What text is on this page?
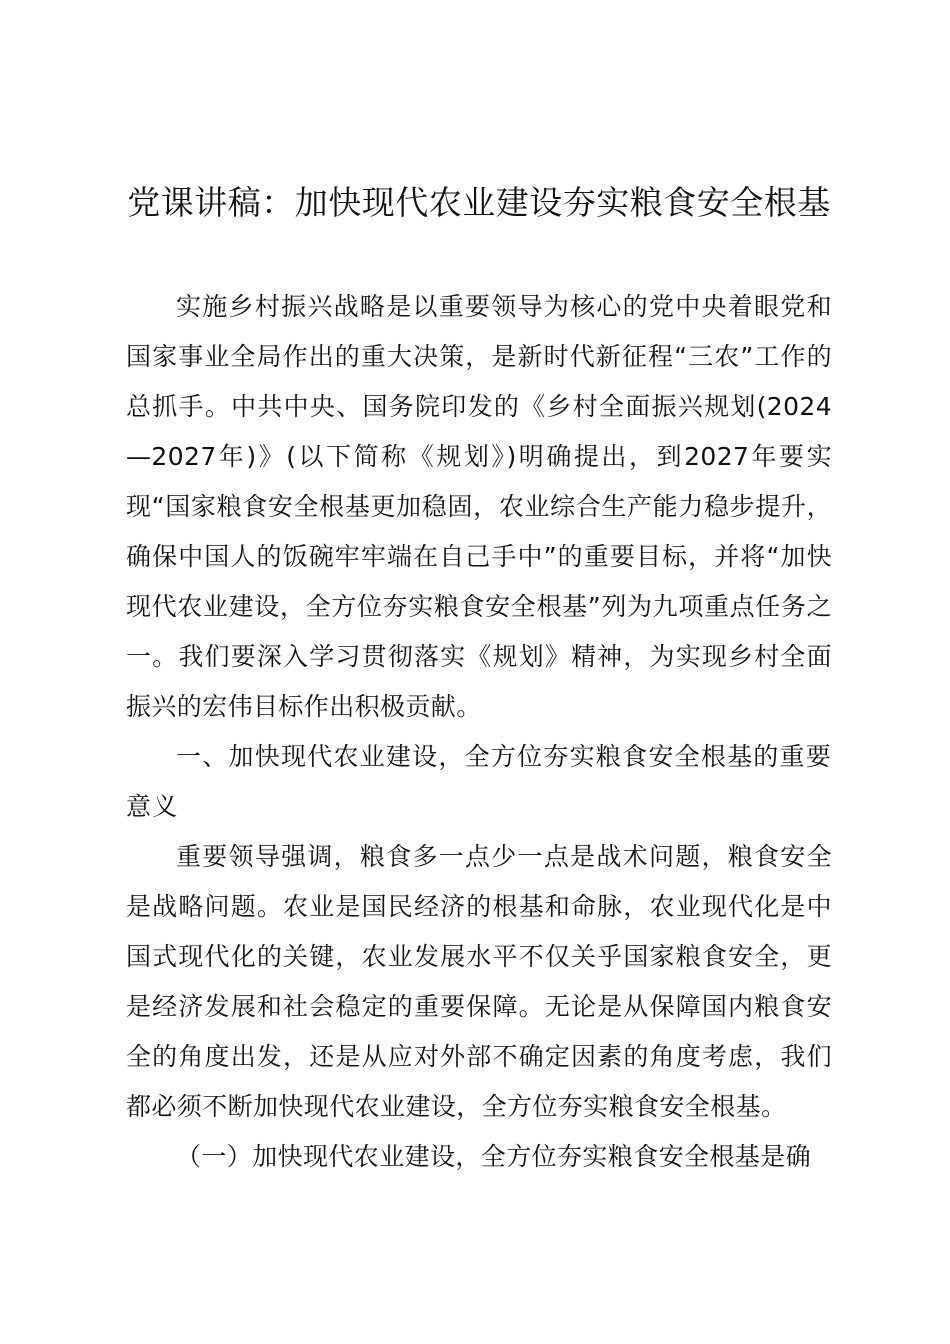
党课讲稿：加快现代农业建设夯实粮食安全根基

实施乡村振兴战略是以重要领导为核心的党中央着眼党和国家事业全局作出的重大决策，是新时代新征程“三农”工作的总抓手。中共中央、国务院印发的《乡村全面振兴规划(2024—2027年)》(以下简称《规划》)明确提出，到2027年要实现“国家粮食安全根基更加稳固，农业综合生产能力稳步提升，确保中国人的饭碗牢牢端在自己手中”的重要目标，并将“加快现代农业建设，全方位夯实粮食安全根基”列为九项重点任务之一。我们要深入学习贯彻落实《规划》精神，为实现乡村全面振兴的宏伟目标作出积极贡献。

一、加快现代农业建设，全方位夯实粮食安全根基的重要意义

重要领导强调，粮食多一点少一点是战术问题，粮食安全是战略问题。农业是国民经济的根基和命脉，农业现代化是中国式现代化的关键，农业发展水平不仅关乎国家粮食安全，更是经济发展和社会稳定的重要保障。无论是从保障国内粮食安全的角度出发，还是从应对外部不确定因素的角度考虑，我们都必须不断加快现代农业建设，全方位夯实粮食安全根基。

（一）加快现代农业建设，全方位夯实粮食安全根基是确
